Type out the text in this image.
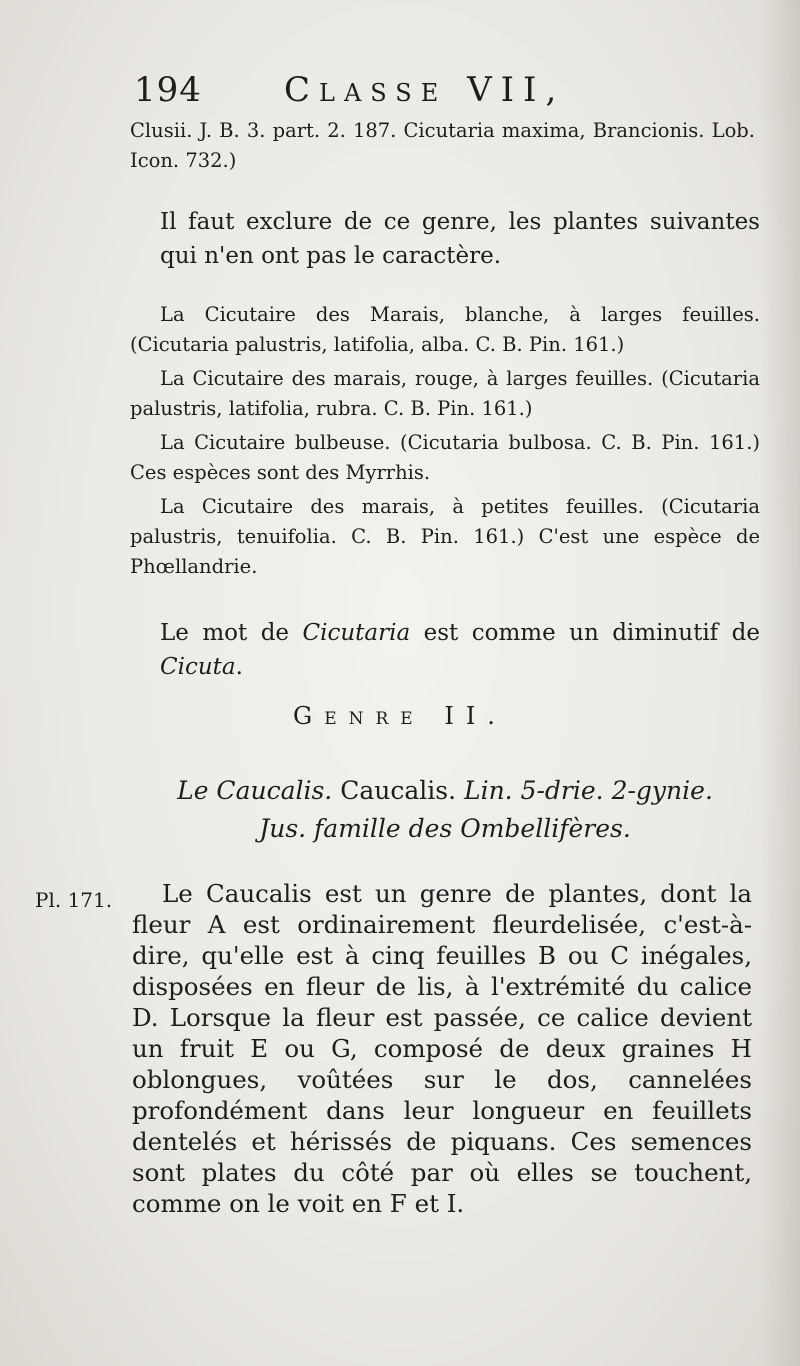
194 Classe VII,

Clusii. J. B. 3. part. 2. 187. Cicutaria maxima, Brancionis. Lob. Icon. 732.)

Il faut exclure de ce genre, les plantes suivantes qui n'en ont pas le caractère.

La Cicutaire des Marais, blanche, à larges feuilles. (Cicutaria palustris, latifolia, alba. C. B. Pin. 161.)

La Cicutaire des marais, rouge, à larges feuilles. (Cicutaria palustris, latifolia, rubra. C. B. Pin. 161.)

La Cicutaire bulbeuse. (Cicutaria bulbosa. C. B. Pin. 161.) Ces espèces sont des Myrrhis.

La Cicutaire des marais, à petites feuilles. (Cicutaria palustris, tenuifolia. C. B. Pin. 161.) C'est une espèce de Phœllandrie.

Le mot de Cicutaria est comme un diminutif de Cicuta.

Genre II.
Le Caucalis. Caucalis. Lin. 5-drie. 2-gynie.
Jus. famille des Ombellifères.
Pl. 171.	Le Caucalis est un genre de plantes, dont la fleur A est ordinairement fleurdelisée, c'est-à-dire, qu'elle est à cinq feuilles B ou C inégales, disposées en fleur de lis, à l'extrémité du calice D. Lorsque la fleur est passée, ce calice devient un fruit E ou G, composé de deux graines H oblongues, voûtées sur le dos, cannelées profondément dans leur longueur en feuillets dentelés et hérissés de piquans. Ces semences sont plates du côté par où elles se touchent, comme on le voit en F et I.
